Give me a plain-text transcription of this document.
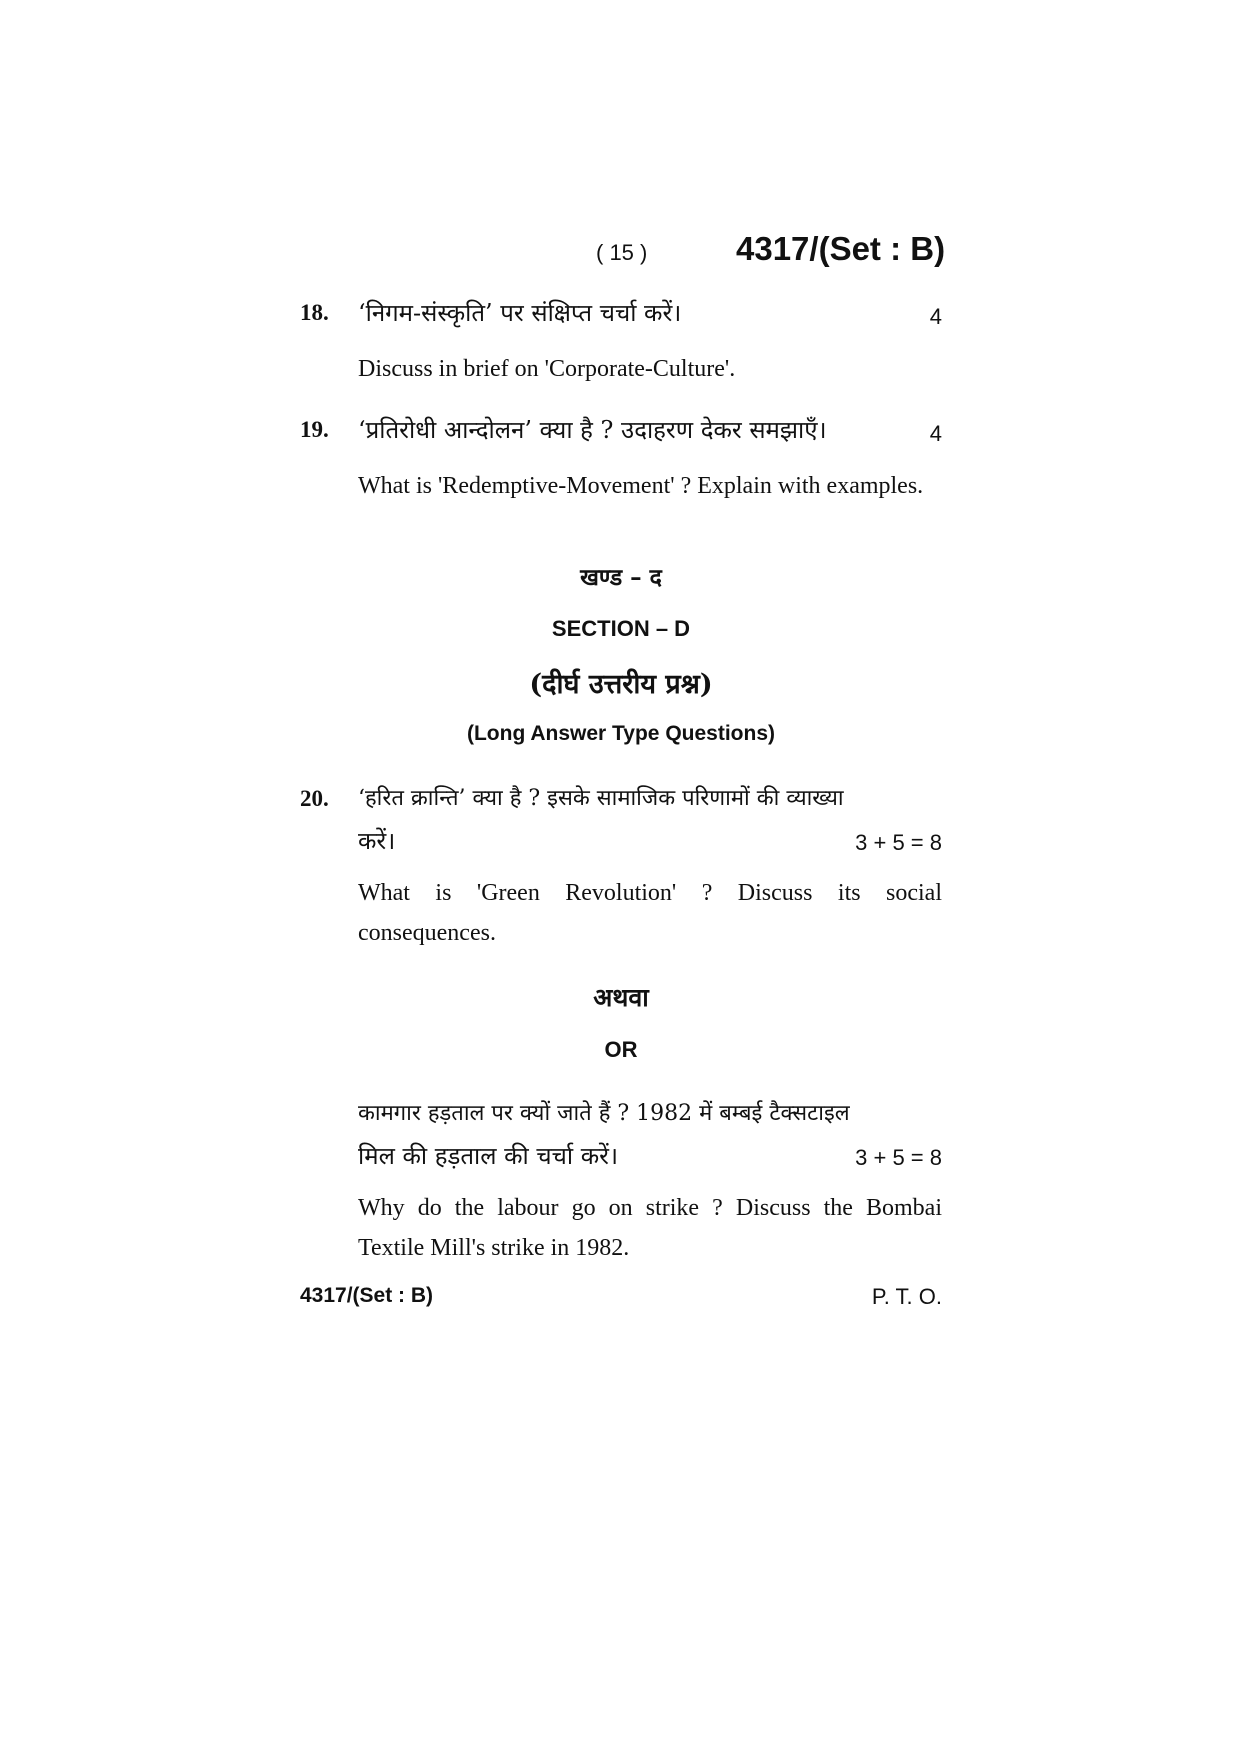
( 15 )	4317/(Set : B)
18. ‘निगम-संस्कृति’ पर संक्षिप्त चर्चा करें।	4
Discuss in brief on 'Corporate-Culture'.
19. ‘प्रतिरोधी आन्दोलन’ क्या है ? उदाहरण देकर समझाएँ।	4
What is 'Redemptive-Movement' ? Explain with examples.
खण्ड – द
SECTION – D
(दीर्घ उत्तरीय प्रश्न)
(Long Answer Type Questions)
20. ‘हरित क्रान्ति’ क्या है ? इसके सामाजिक परिणामों की व्याख्या
करें।	3 + 5 = 8
What is 'Green Revolution' ? Discuss its social consequences.
अथवा
OR
कामगार हड़ताल पर क्यों जाते हैं ? 1982 में बम्बई टैक्सटाइल
मिल की हड़ताल की चर्चा करें।	3 + 5 = 8
Why do the labour go on strike ? Discuss the Bombai Textile Mill's strike in 1982.
4317/(Set : B)	P. T. O.
